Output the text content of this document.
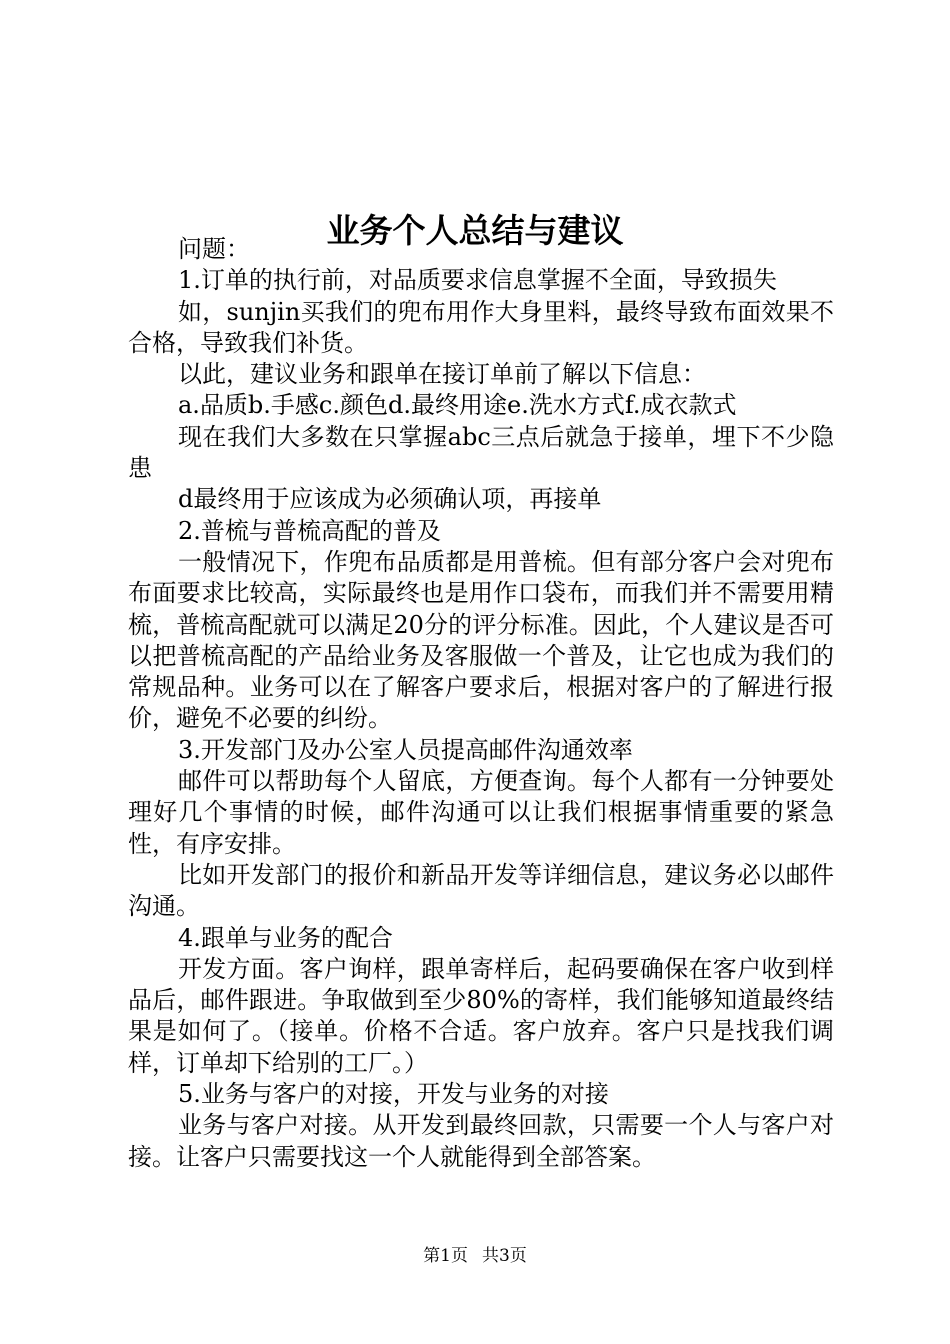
业务个人总结与建议

问题：

1.订单的执行前，对品质要求信息掌握不全面，导致损失

如，sunjin买我们的兜布用作大身里料，最终导致布面效果不合格，导致我们补货。

以此，建议业务和跟单在接订单前了解以下信息：

a.品质b.手感c.颜色d.最终用途e.洗水方式f.成衣款式

现在我们大多数在只掌握abc三点后就急于接单，埋下不少隐患

d最终用于应该成为必须确认项，再接单

2.普梳与普梳高配的普及

一般情况下，作兜布品质都是用普梳。但有部分客户会对兜布布面要求比较高，实际最终也是用作口袋布，而我们并不需要用精梳，普梳高配就可以满足20分的评分标准。因此，个人建议是否可以把普梳高配的产品给业务及客服做一个普及，让它也成为我们的常规品种。业务可以在了解客户要求后，根据对客户的了解进行报价，避免不必要的纠纷。

3.开发部门及办公室人员提高邮件沟通效率

邮件可以帮助每个人留底，方便查询。每个人都有一分钟要处理好几个事情的时候，邮件沟通可以让我们根据事情重要的紧急性，有序安排。

比如开发部门的报价和新品开发等详细信息，建议务必以邮件沟通。

4.跟单与业务的配合

开发方面。客户询样，跟单寄样后，起码要确保在客户收到样品后，邮件跟进。争取做到至少80%的寄样，我们能够知道最终结果是如何了。（接单。价格不合适。客户放弃。客户只是找我们调样，订单却下给别的工厂。）

5.业务与客户的对接，开发与业务的对接

业务与客户对接。从开发到最终回款，只需要一个人与客户对接。让客户只需要找这一个人就能得到全部答案。

第1页 共3页
